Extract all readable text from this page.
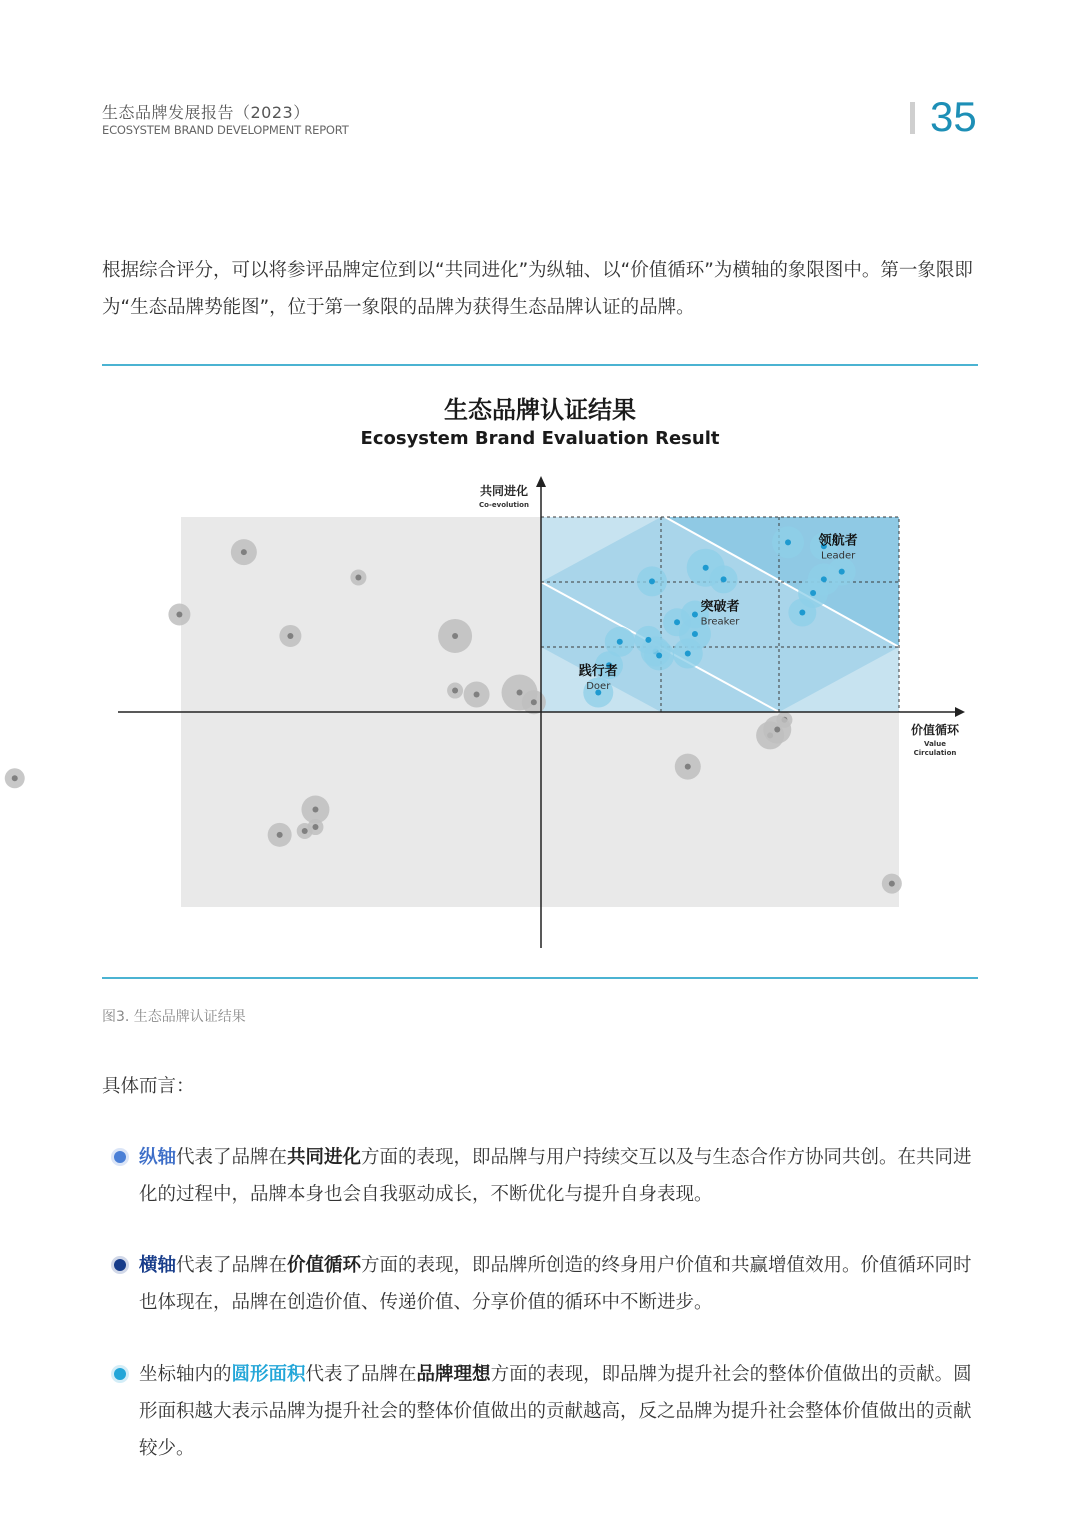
生态品牌发展报告（2023）
ECOSYSTEM BRAND DEVELOPMENT REPORT	35
根据综合评分，可以将参评品牌定位到以“共同进化”为纵轴、以“价值循环”为横轴的象限图中。第一象限即为“生态品牌势能图”，位于第一象限的品牌为获得生态品牌认证的品牌。
生态品牌认证结果
Ecosystem Brand Evaluation Result
共同进化
Co-evolution
价值循环
Value Circulation
践行者
Doer
突破者
Breaker
领航者
Leader
图3. 生态品牌认证结果
具体而言：
纵轴代表了品牌在共同进化方面的表现，即品牌与用户持续交互以及与生态合作方协同共创。在共同进化的过程中，品牌本身也会自我驱动成长，不断优化与提升自身表现。
横轴代表了品牌在价值循环方面的表现，即品牌所创造的终身用户价值和共赢增值效用。价值循环同时也体现在，品牌在创造价值、传递价值、分享价值的循环中不断进步。
坐标轴内的圆形面积代表了品牌在品牌理想方面的表现，即品牌为提升社会的整体价值做出的贡献。圆形面积越大表示品牌为提升社会的整体价值做出的贡献越高，反之品牌为提升社会整体价值做出的贡献较少。
